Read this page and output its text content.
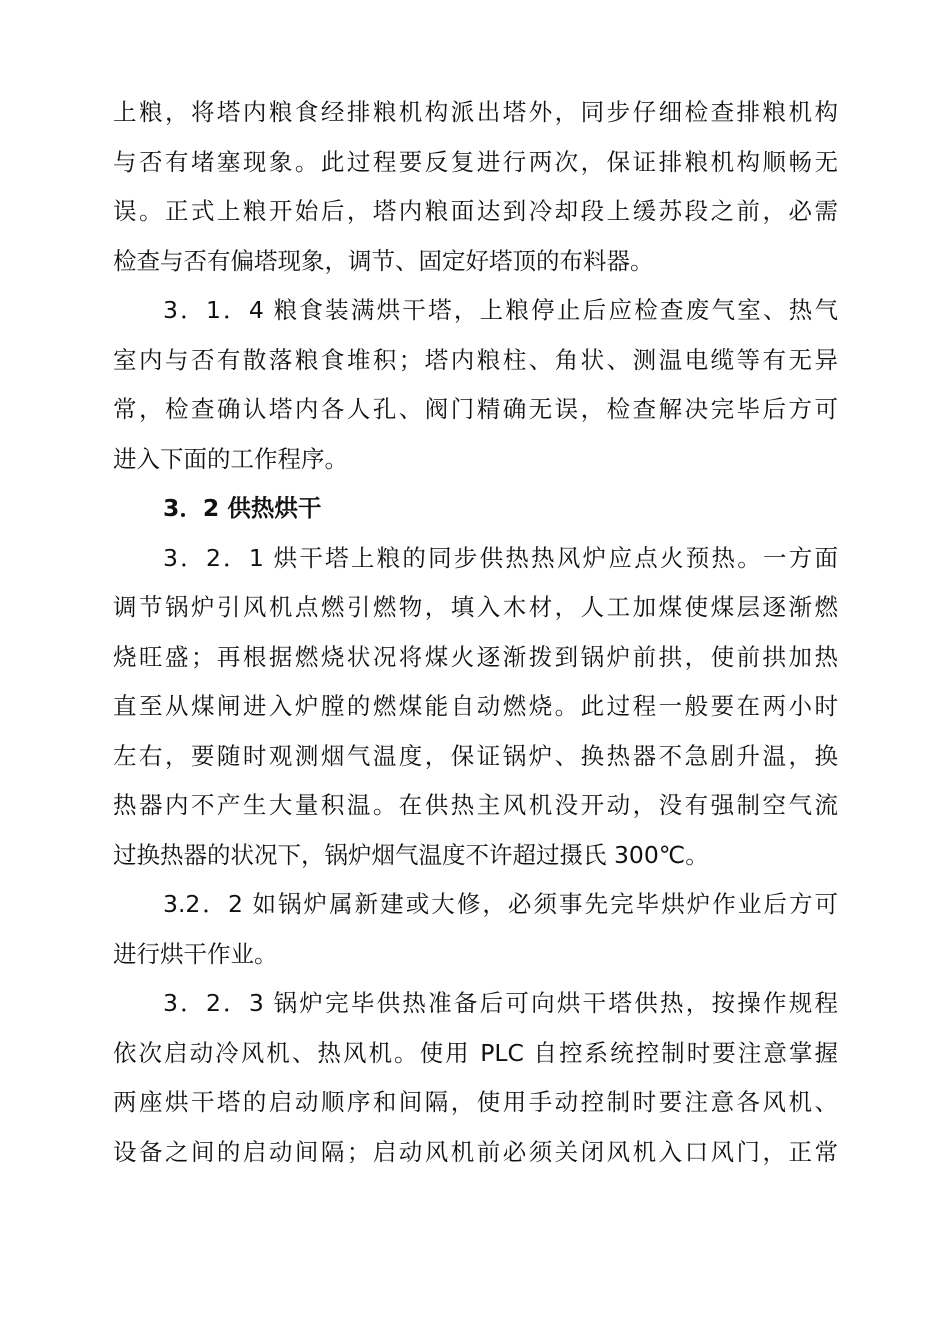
上粮，将塔内粮食经排粮机构派出塔外，同步仔细检查排粮机构
与否有堵塞现象。此过程要反复进行两次，保证排粮机构顺畅无
误。正式上粮开始后，塔内粮面达到冷却段上缓苏段之前，必需
检查与否有偏塔现象，调节、固定好塔顶的布料器。
3．1．4 粮食装满烘干塔，上粮停止后应检查废气室、热气
室内与否有散落粮食堆积；塔内粮柱、角状、测温电缆等有无异
常，检查确认塔内各人孔、阀门精确无误，检查解决完毕后方可
进入下面的工作程序。
3．2 供热烘干
3．2．1 烘干塔上粮的同步供热热风炉应点火预热。一方面
调节锅炉引风机点燃引燃物，填入木材，人工加煤使煤层逐渐燃
烧旺盛；再根据燃烧状况将煤火逐渐拨到锅炉前拱，使前拱加热
直至从煤闸进入炉膛的燃煤能自动燃烧。此过程一般要在两小时
左右，要随时观测烟气温度，保证锅炉、换热器不急剧升温，换
热器内不产生大量积温。在供热主风机没开动，没有强制空气流
过换热器的状况下，锅炉烟气温度不许超过摄氏 300℃。
3.2．2 如锅炉属新建或大修，必须事先完毕烘炉作业后方可
进行烘干作业。
3．2．3 锅炉完毕供热准备后可向烘干塔供热，按操作规程
依次启动冷风机、热风机。使用 PLC 自控系统控制时要注意掌握
两座烘干塔的启动顺序和间隔，使用手动控制时要注意各风机、
设备之间的启动间隔；启动风机前必须关闭风机入口风门，正常
